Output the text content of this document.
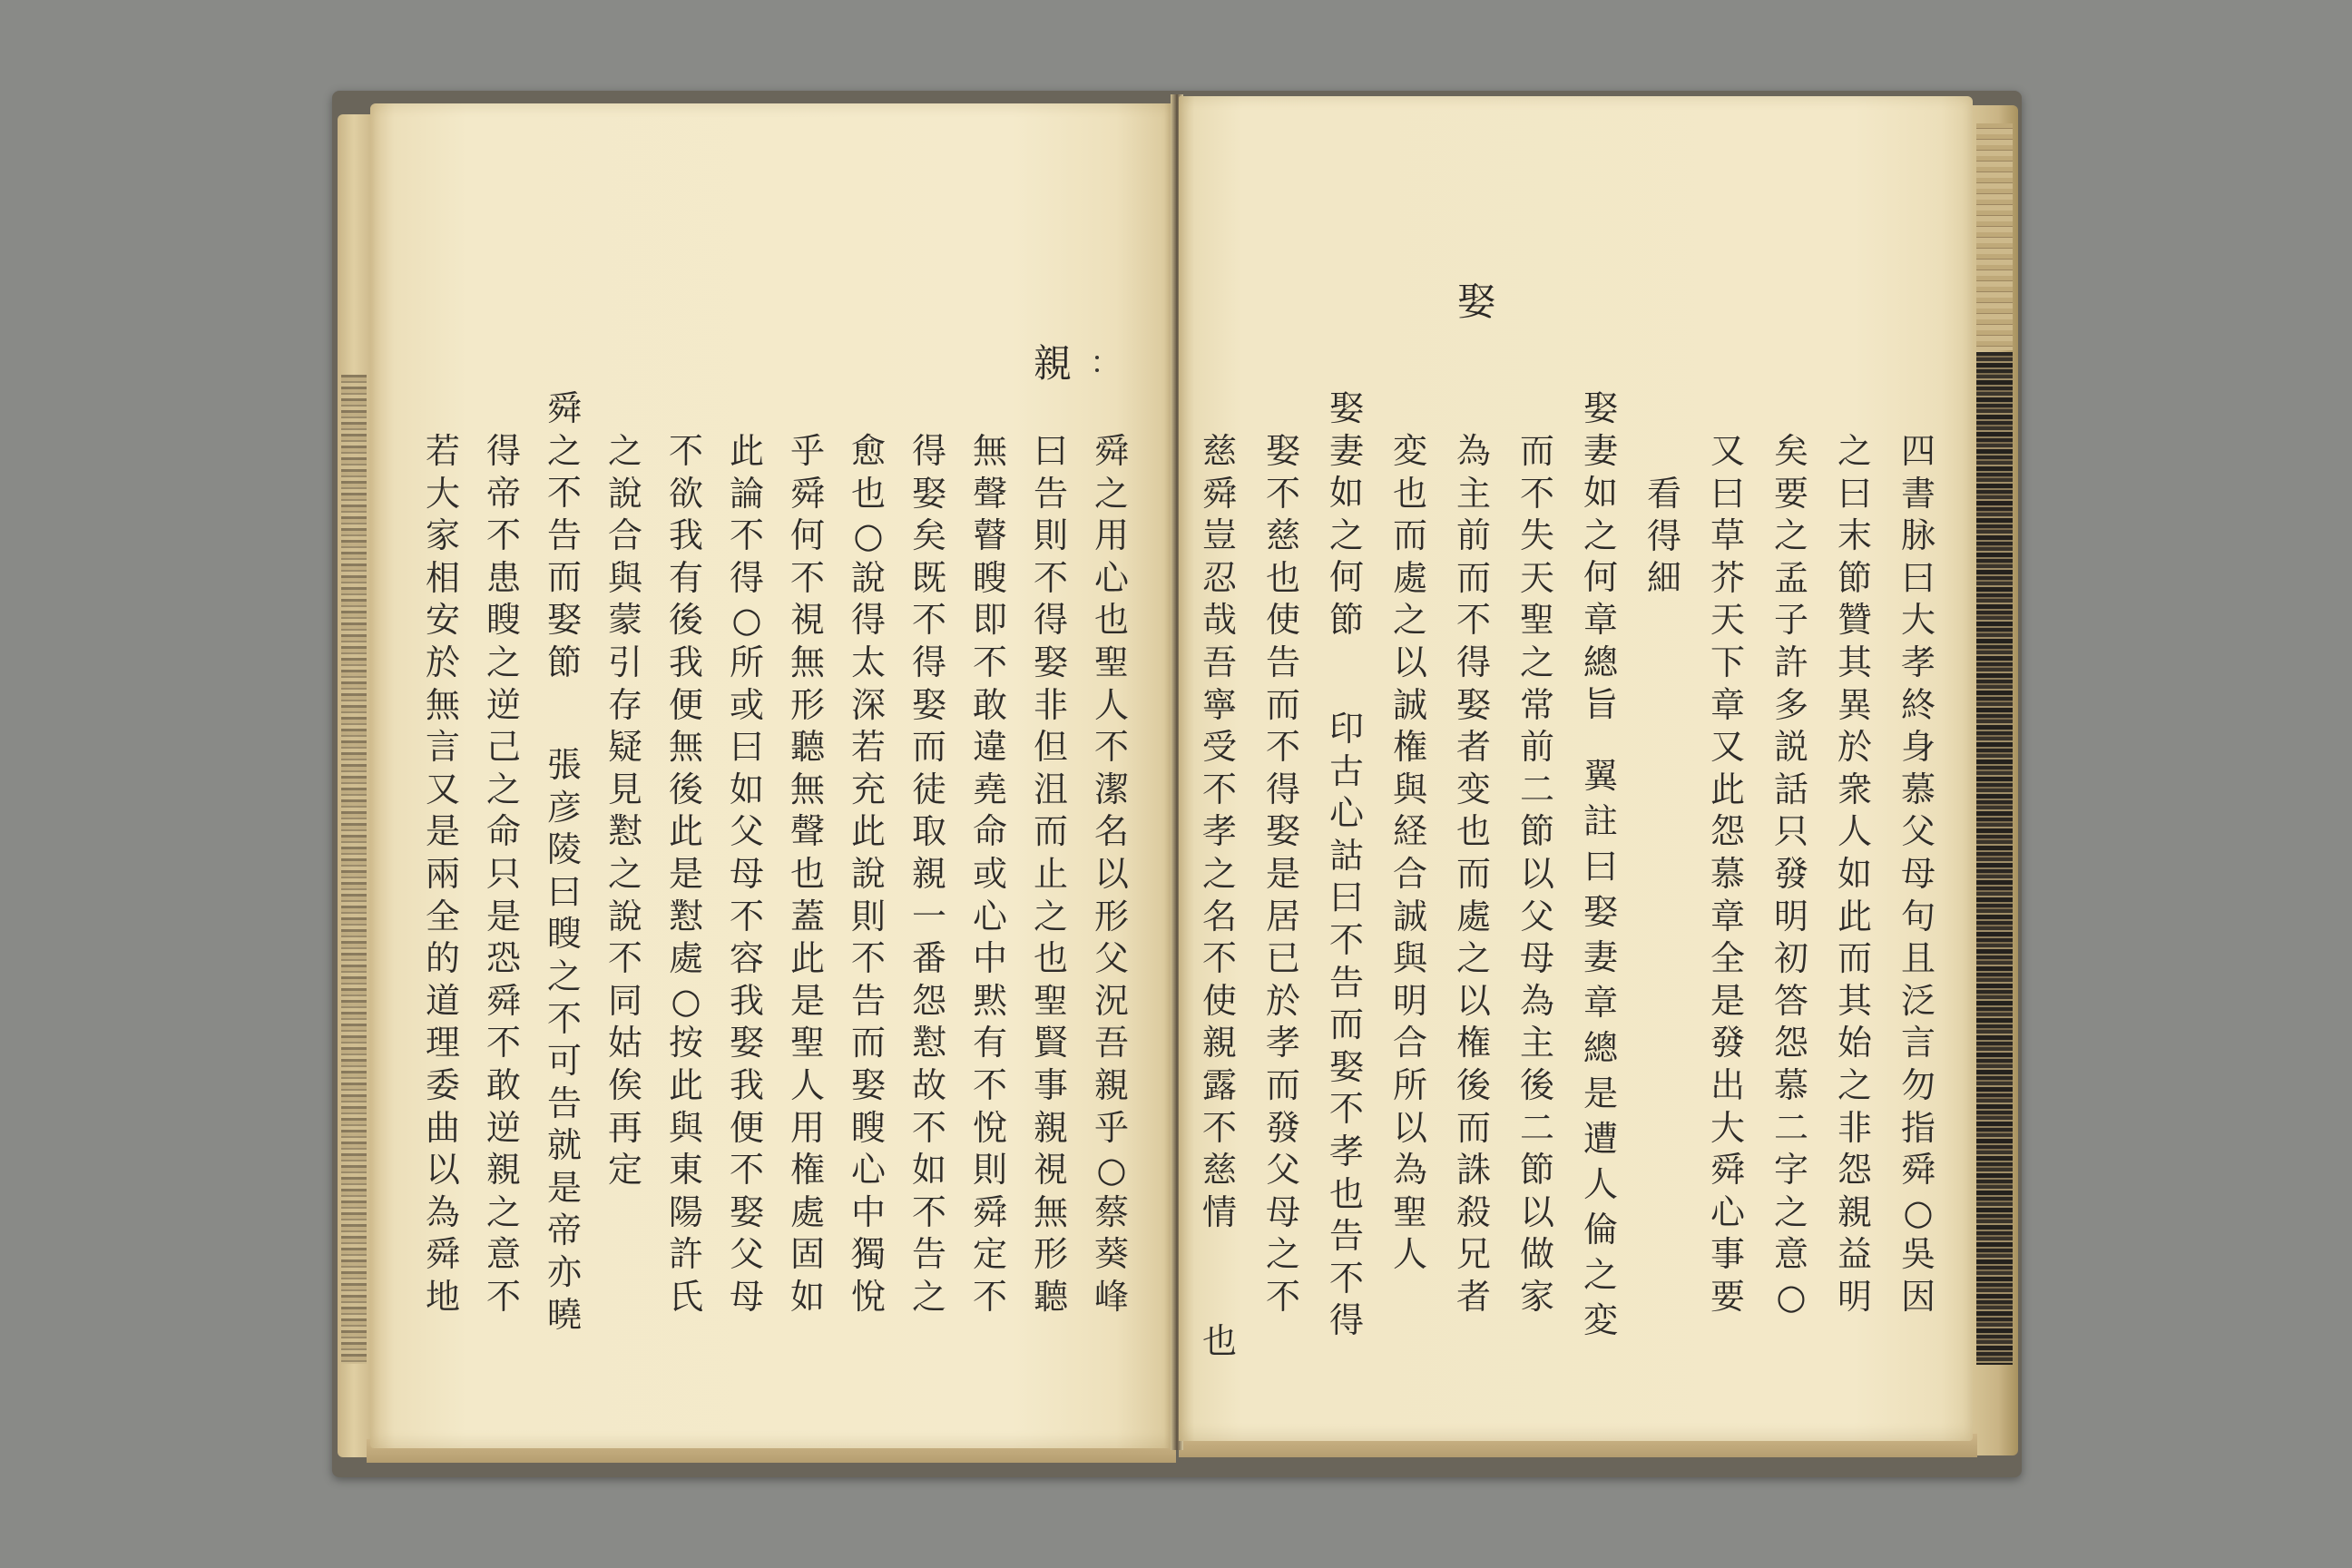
親
舜之用心也聖人不潔名以形父況吾親乎○蔡葵峰
曰告則不得娶非但沮而止之也聖賢事親視無形聽
無聲瞽瞍即不敢違堯命或心中黙有不悅則舜定不
得娶矣既不得娶而徒取親一番怨懟故不如不告之
愈也○說得太深若充此說則不告而娶瞍心中獨悅
乎舜何不視無形聽無聲也蓋此是聖人用権處固如
此論不得○所或曰如父母不容我娶我便不娶父母
不欲我有後我便無後此是懟處○按此與東陽許氏
之說合與蒙引存疑見懟之說不同姑俟再定
舜之不告而娶節
張彦陵曰瞍之不可告就是帝亦曉
得帝不患瞍之逆己之命只是恐舜不敢逆親之意不
若大家相安於無言又是兩全的道理委曲以為舜地
娶
四書脉曰大孝終身慕父母句且泛言勿指舜○吳因
之曰末節贊其異於衆人如此而其始之非怨親益明
矣要之孟子許多説話只發明初答怨慕二字之意○
又曰草芥天下章又此怨慕章全是發出大舜心事要
看得細
娶妻如之何章總旨
翼註曰娶妻章總是遭人倫之変
而不失天聖之常前二節以父母為主後二節以做家
為主前而不得娶者变也而處之以権後而誅殺兄者
変也而處之以誠権與経合誠與明合所以為聖人
娶妻如之何節
印古心詁曰不告而娶不孝也告不得
娶不慈也使告而不得娶是居已於孝而發父母之不
慈舜豈忍哉吾寧受不孝之名不使親露不慈情
也
